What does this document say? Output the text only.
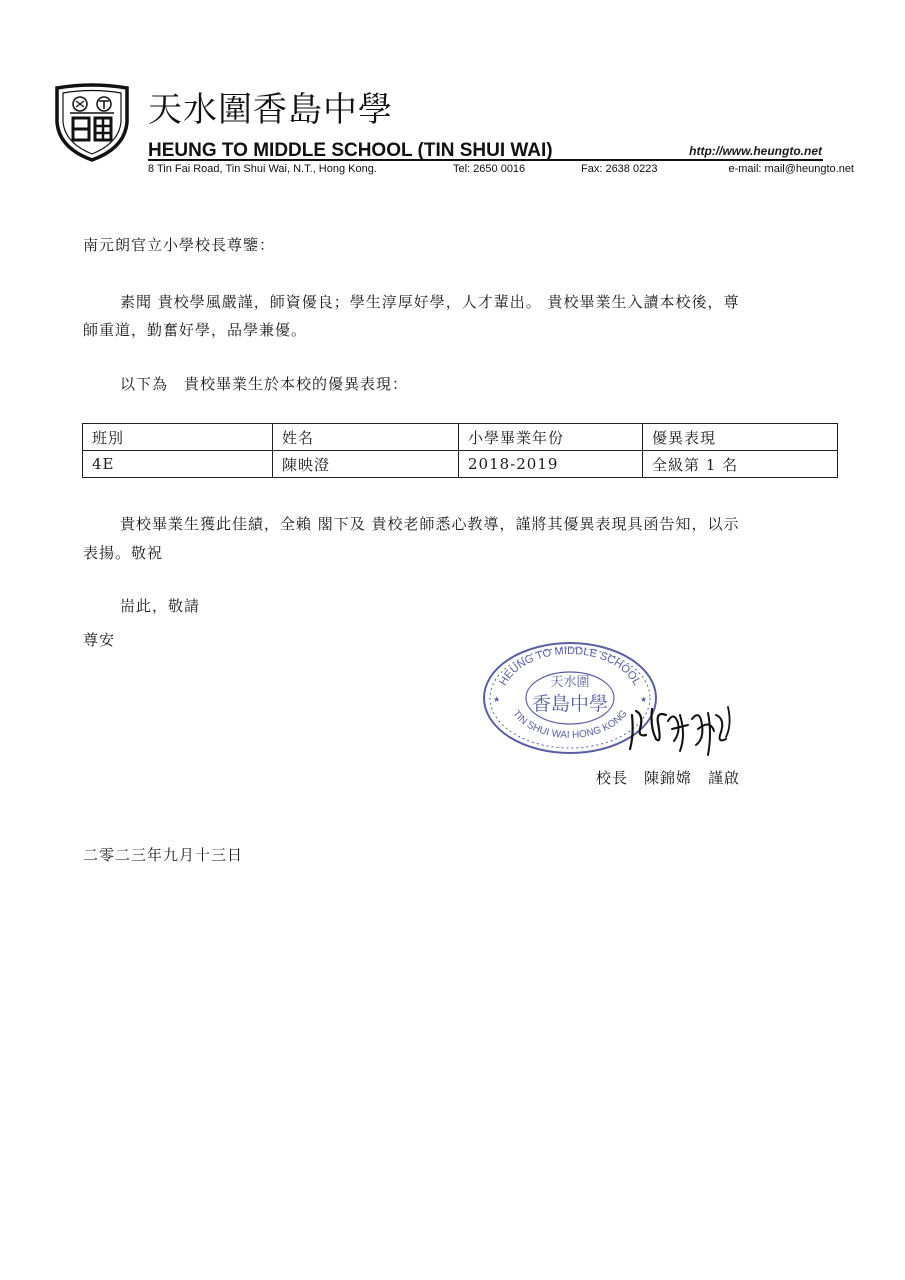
天水圍香島中學
HEUNG TO MIDDLE SCHOOL (TIN SHUI WAI)	http://www.heungto.net
8 Tin Fai Road, Tin Shui Wai, N.T., Hong Kong.	Tel: 2650 0016	Fax: 2638 0223	e-mail: mail@heungto.net
南元朗官立小學校長尊鑒：
素聞 貴校學風嚴謹，師資優良；學生淳厚好學，人才輩出。 貴校畢業生入讀本校後，尊
師重道，勤奮好學，品學兼優。
以下為　貴校畢業生於本校的優異表現：
班別	姓名	小學畢業年份	優異表現
4E	陳映澄	2018-2019	全級第 1 名
貴校畢業生獲此佳績，全賴 閣下及 貴校老師悉心教導，謹將其優異表現具函告知，以示
表揚。敬祝
耑此，敬請
尊安
HEUNG TO MIDDLE SCHOOL
TIN SHUI WAI HONG KONG
天水圍
香島中學
★	★
校長　陳錦嫦　謹啟
二零二三年九月十三日
